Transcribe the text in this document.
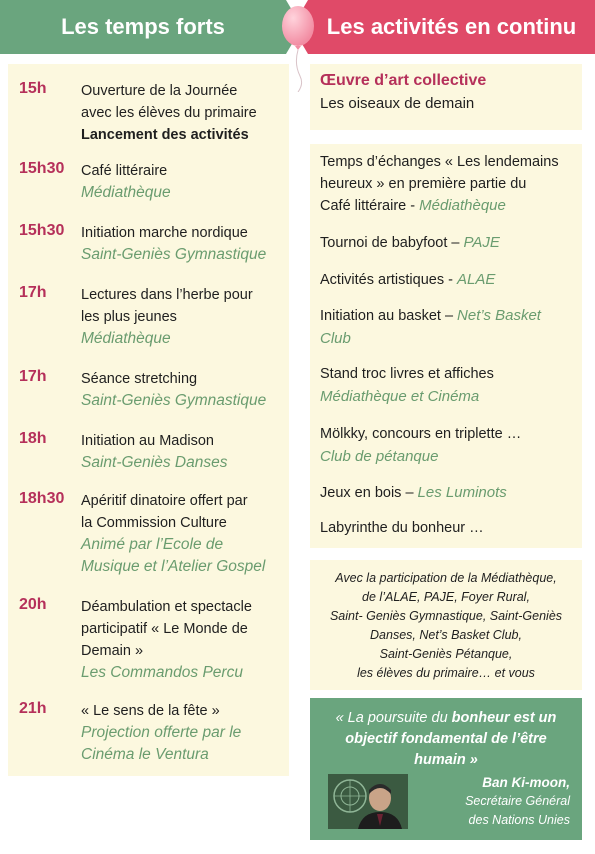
Les temps forts	Les activités en continu
15h Ouverture de la Journée
avec les élèves du primaire
Lancement des activités
15h30 Café littéraire
Médiathèque
15h30 Initiation marche nordique
Saint-Geniès Gymnastique
17h Lectures dans l’herbe pour
les plus jeunes
Médiathèque
17h Séance stretching
Saint-Geniès Gymnastique
18h Initiation au Madison
Saint-Geniès Danses
18h30 Apéritif dinatoire offert par
la Commission Culture
Animé par l’Ecole de
Musique et l’Atelier Gospel
20h Déambulation et spectacle
participatif « Le Monde de
Demain »
Les Commandos Percu
21h « Le sens de la fête »
Projection offerte par le
Cinéma le Ventura
Œuvre d’art collective
Les oiseaux de demain
Temps d’échanges « Les lendemains
heureux » en première partie du
Café littéraire - Médiathèque
Tournoi de babyfoot – PAJE
Activités artistiques - ALAE
Initiation au basket – Net’s Basket
Club
Stand troc livres et affiches
Médiathèque et Cinéma
Mölkky, concours en triplette …
Club de pétanque
Jeux en bois – Les Luminots
Labyrinthe du bonheur …
Avec la participation de la Médiathèque,
de l’ALAE, PAJE, Foyer Rural,
Saint- Geniès Gymnastique, Saint-Geniès
Danses, Net’s Basket Club,
Saint-Geniès Pétanque,
les élèves du primaire… et vous
« La poursuite du bonheur est un
objectif fondamental de l’être
humain »
Ban Ki-moon,
Secrétaire Général
des Nations Unies
